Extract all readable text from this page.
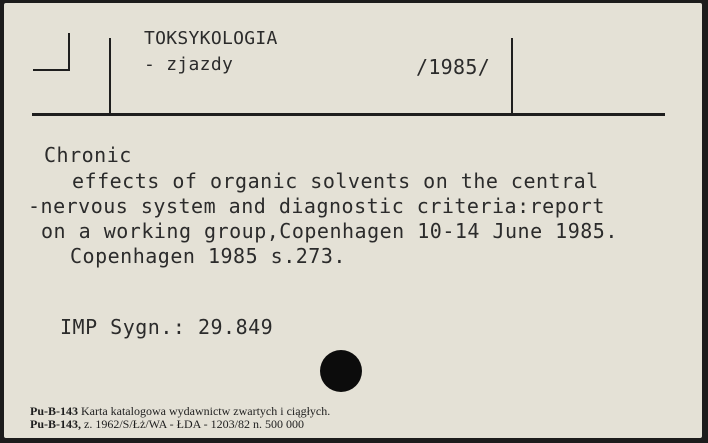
TOKSYKOLOGIA
- zjazdy	/1985/
Chronic
effects of organic solvents on the central
-nervous system and diagnostic criteria:report
on a working group,Copenhagen 10-14 June 1985.
Copenhagen 1985 s.273.
IMP Sygn.: 29.849
Pu-B-143 Karta katalogowa wydawnictw zwartych i ciągłych.
Pu-B-143, z. 1962/S/Łż/WA - ŁDA - 1203/82 n. 500 000
